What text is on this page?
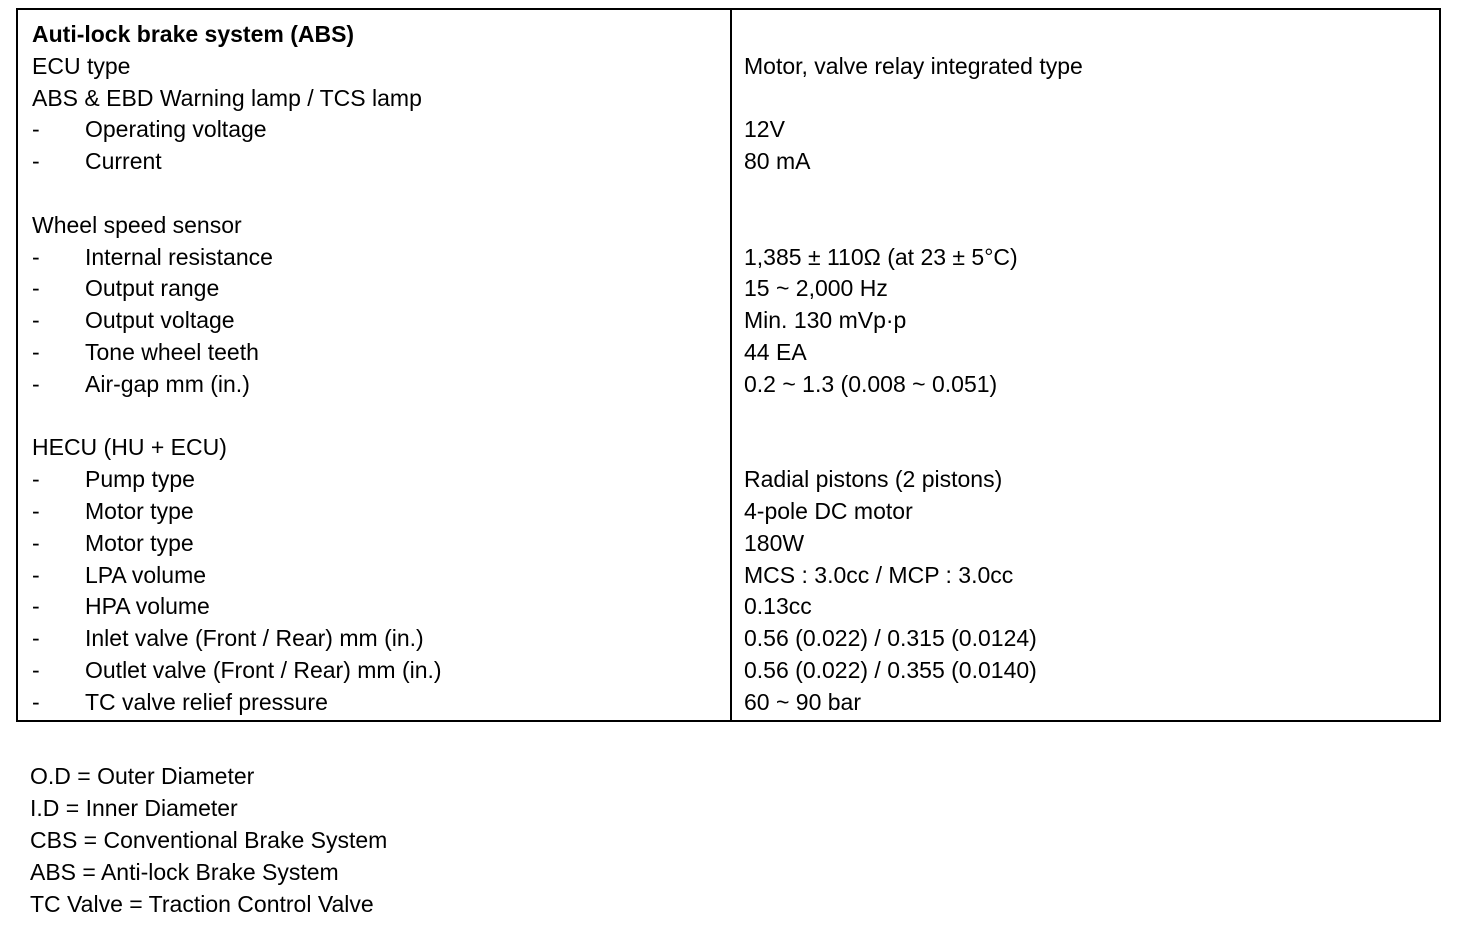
Auti-lock brake system (ABS)
ECU type	Motor, valve relay integrated type
ABS & EBD Warning lamp / TCS lamp
- Operating voltage	12V
- Current	80 mA
Wheel speed sensor
- Internal resistance	1,385 ± 110Ω (at 23 ± 5°C)
- Output range	15 ~ 2,000 Hz
- Output voltage	Min. 130 mVp·p
- Tone wheel teeth	44 EA
- Air-gap mm (in.)	0.2 ~ 1.3 (0.008 ~ 0.051)
HECU (HU + ECU)
- Pump type	Radial pistons (2 pistons)
- Motor type	4-pole DC motor
- Motor type	180W
- LPA volume	MCS : 3.0cc / MCP : 3.0cc
- HPA volume	0.13cc
- Inlet valve (Front / Rear) mm (in.)	0.56 (0.022) / 0.315 (0.0124)
- Outlet valve (Front / Rear) mm (in.)	0.56 (0.022) / 0.355 (0.0140)
- TC valve relief pressure	60 ~ 90 bar
O.D = Outer Diameter
I.D = Inner Diameter
CBS = Conventional Brake System
ABS = Anti-lock Brake System
TC Valve = Traction Control Valve
